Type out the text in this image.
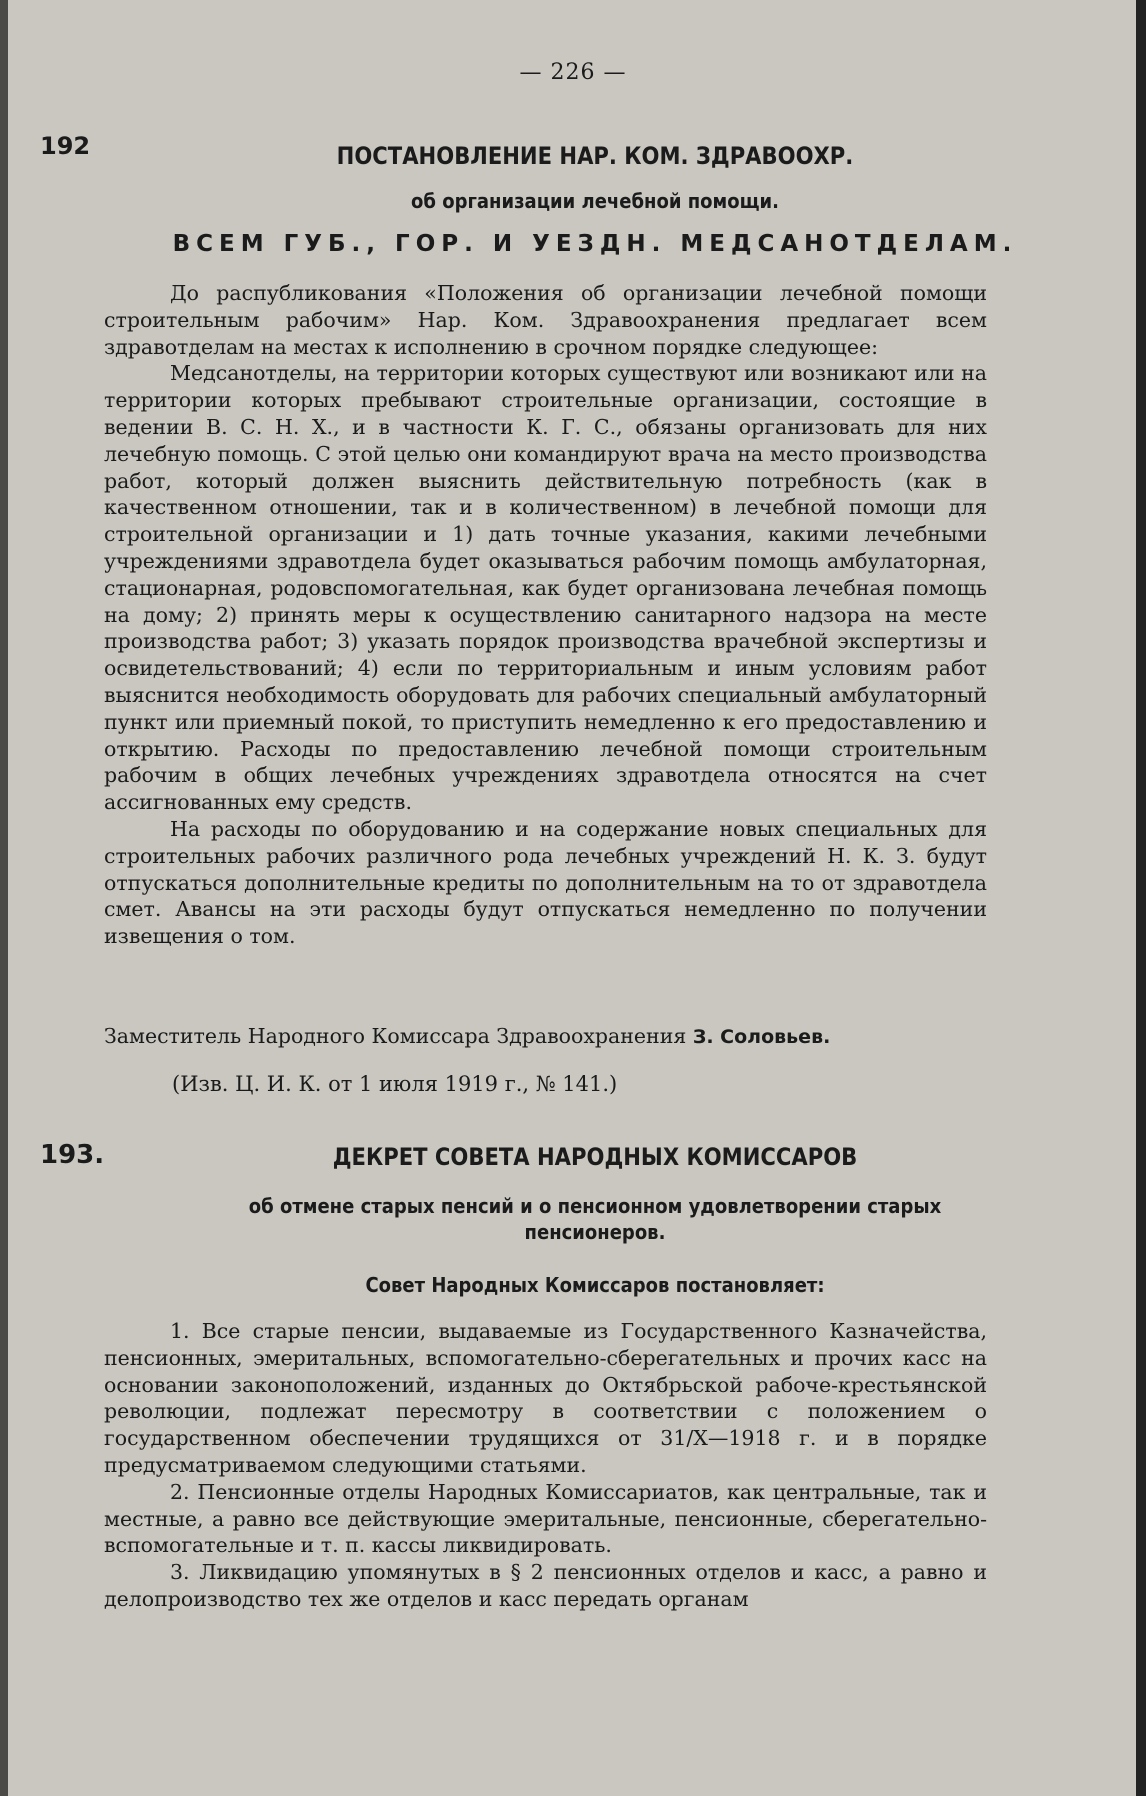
— 226 —
192	ПОСТАНОВЛЕНИЕ НАР. КОМ. ЗДРАВООХР.
об организации лечебной помощи.
ВСЕМ ГУБ., ГОР. И УЕЗДН. МЕДСАНОТДЕЛАМ.

До распубликования «Положения об организации лечебной помощи строительным рабочим» Нар. Ком. Здравоохранения предлагает всем здравотделам на местах к исполнению в срочном порядке следующее:

Медсанотделы, на территории которых существуют или возникают или на территории которых пребывают строительные организации, состоящие в ведении В. С. Н. Х., и в частности К. Г. С., обязаны организовать для них лечебную помощь. С этой целью они командируют врача на место производства работ, который должен выяснить действительную потребность (как в качественном отношении, так и в количественном) в лечебной помощи для строительной организации и 1) дать точные указания, какими лечебными учреждениями здравотдела будет оказываться рабочим помощь амбулаторная, стационарная, родовспомогательная, как будет организована лечебная помощь на дому; 2) принять меры к осуществлению санитарного надзора на месте производства работ; 3) указать порядок производства врачебной экспертизы и освидетельствований; 4) если по территориальным и иным условиям работ выяснится необходимость оборудовать для рабочих специальный амбулаторный пункт или приемный покой, то приступить немедленно к его предоставлению и открытию. Расходы по предоставлению лечебной помощи строительным рабочим в общих лечебных учреждениях здравотдела относятся на счет ассигнованных ему средств.

На расходы по оборудованию и на содержание новых специальных для строительных рабочих различного рода лечебных учреждений Н. К. З. будут отпускаться дополнительные кредиты по дополнительным на то от здравотдела смет. Авансы на эти расходы будут отпускаться немедленно по получении извещения о том.

Заместитель Народного Комиссара Здравоохранения З. Соловьев.
(Изв. Ц. И. К. от 1 июля 1919 г., № 141.)
193.	ДЕКРЕТ СОВЕТА НАРОДНЫХ КОМИССАРОВ
об отмене старых пенсий и о пенсионном удовлетворении старых
пенсионеров.
Совет Народных Комиссаров постановляет:

1. Все старые пенсии, выдаваемые из Государственного Казначейства, пенсионных, эмеритальных, вспомогательно-сберегательных и прочих касс на основании законоположений, изданных до Октябрьской рабоче-крестьянской революции, подлежат пересмотру в соответствии с положением о государственном обеспечении трудящихся от 31/X—1918 г. и в порядке предусматриваемом следующими статьями.

2. Пенсионные отделы Народных Комиссариатов, как центральные, так и местные, а равно все действующие эмеритальные, пенсионные, сберегательно-вспомогательные и т. п. кассы ликвидировать.

3. Ликвидацию упомянутых в § 2 пенсионных отделов и касс, а равно и делопроизводство тех же отделов и касс передать органам
